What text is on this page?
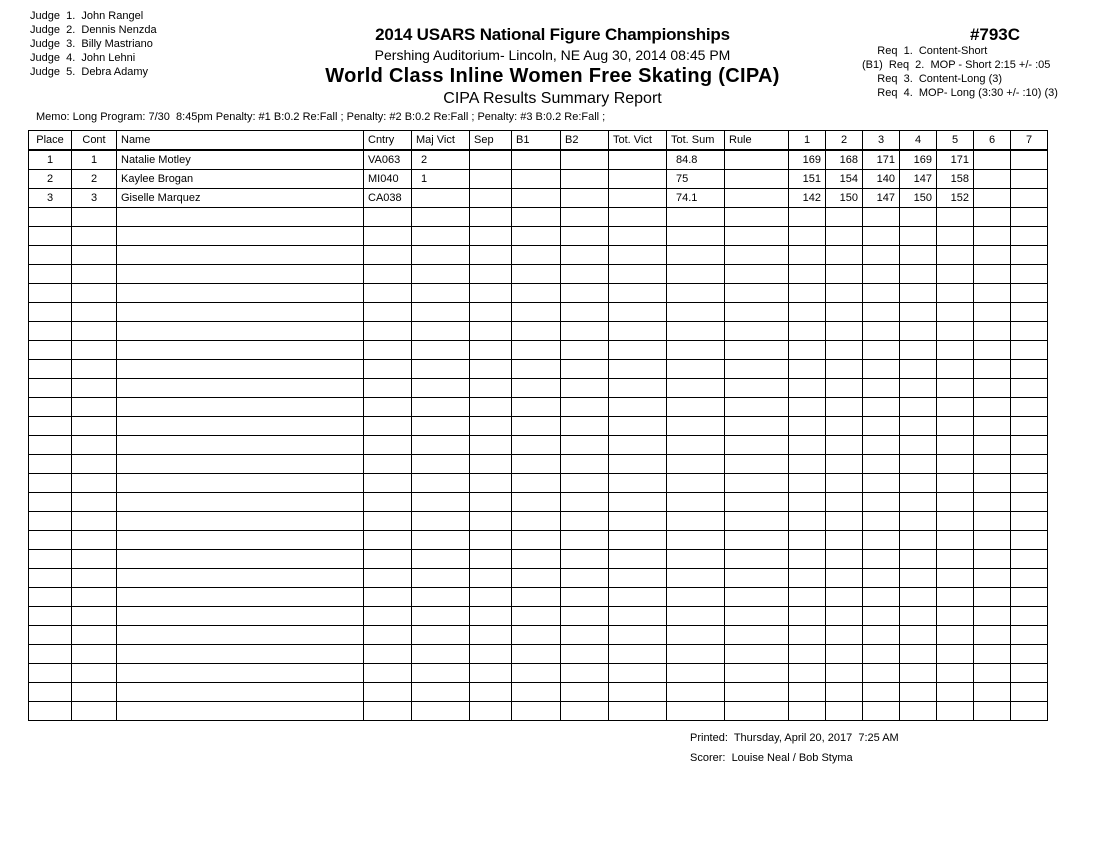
Judge  1.  John Rangel
Judge  2.  Dennis Nenzda
Judge  3.  Billy Mastriano
Judge  4.  John Lehni
Judge  5.  Debra Adamy
2014 USARS National Figure Championships
Pershing Auditorium- Lincoln, NE Aug 30, 2014 08:45 PM
World Class Inline Women Free Skating (CIPA)
CIPA Results Summary Report
#793C
Req  1.  Content-Short
(B1)  Req  2.  MOP - Short 2:15 +/- :05
Req  3.  Content-Long (3)
Req  4.  MOP- Long (3:30 +/- :10) (3)
Memo: Long Program: 7/30  8:45pm Penalty: #1 B:0.2 Re:Fall ; Penalty: #2 B:0.2 Re:Fall ; Penalty: #3 B:0.2 Re:Fall ;
Place	Cont	Name	Cntry	Maj Vict	Sep	B1	B2	Tot. Vict	Tot. Sum	Rule	1	2	3	4	5	6	7
1	1	Natalie Motley	VA063	2					84.8		169	168	171	169	171		
2	2	Kaylee Brogan	MI040	1					75		151	154	140	147	158		
3	3	Giselle Marquez	CA038						74.1		142	150	147	150	152		

Printed:  Thursday, April 20, 2017  7:25 AM
Scorer:  Louise Neal / Bob Styma
